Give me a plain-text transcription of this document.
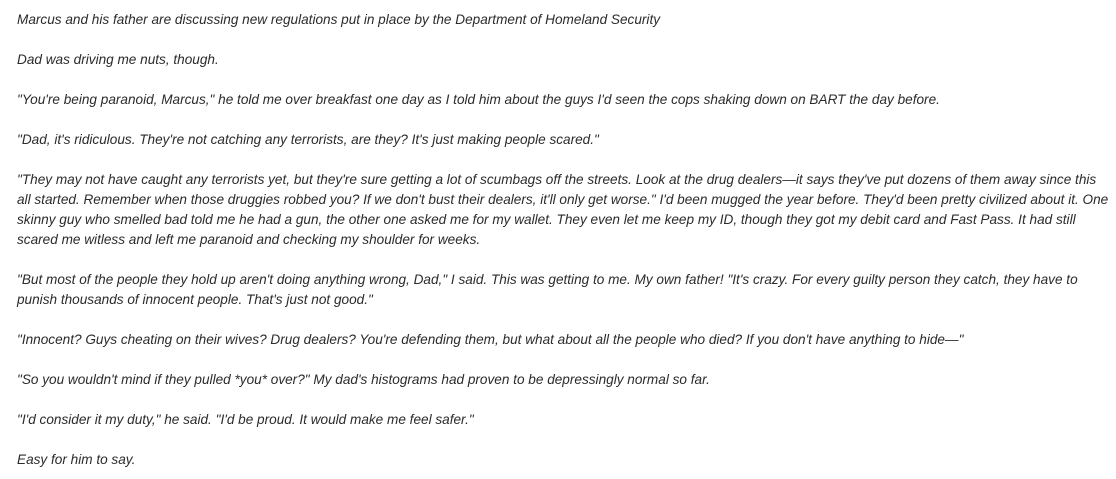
Marcus and his father are discussing new regulations put in place by the Department of Homeland Security

Dad was driving me nuts, though.

"You're being paranoid, Marcus," he told me over breakfast one day as I told him about the guys I'd seen the cops shaking down on BART the day before.

"Dad, it's ridiculous. They're not catching any terrorists, are they? It's just making people scared."

"They may not have caught any terrorists yet, but they're sure getting a lot of scumbags off the streets. Look at the drug dealers—it says they've put dozens of them away since this all started. Remember when those druggies robbed you? If we don't bust their dealers, it'll only get worse." I'd been mugged the year before. They'd been pretty civilized about it. One skinny guy who smelled bad told me he had a gun, the other one asked me for my wallet. They even let me keep my ID, though they got my debit card and Fast Pass. It had still scared me witless and left me paranoid and checking my shoulder for weeks.

"But most of the people they hold up aren't doing anything wrong, Dad," I said. This was getting to me. My own father! "It's crazy. For every guilty person they catch, they have to punish thousands of innocent people. That's just not good."

"Innocent? Guys cheating on their wives? Drug dealers? You're defending them, but what about all the people who died? If you don't have anything to hide—"

"So you wouldn't mind if they pulled *you* over?" My dad's histograms had proven to be depressingly normal so far.

"I'd consider it my duty," he said. "I'd be proud. It would make me feel safer."

Easy for him to say.
